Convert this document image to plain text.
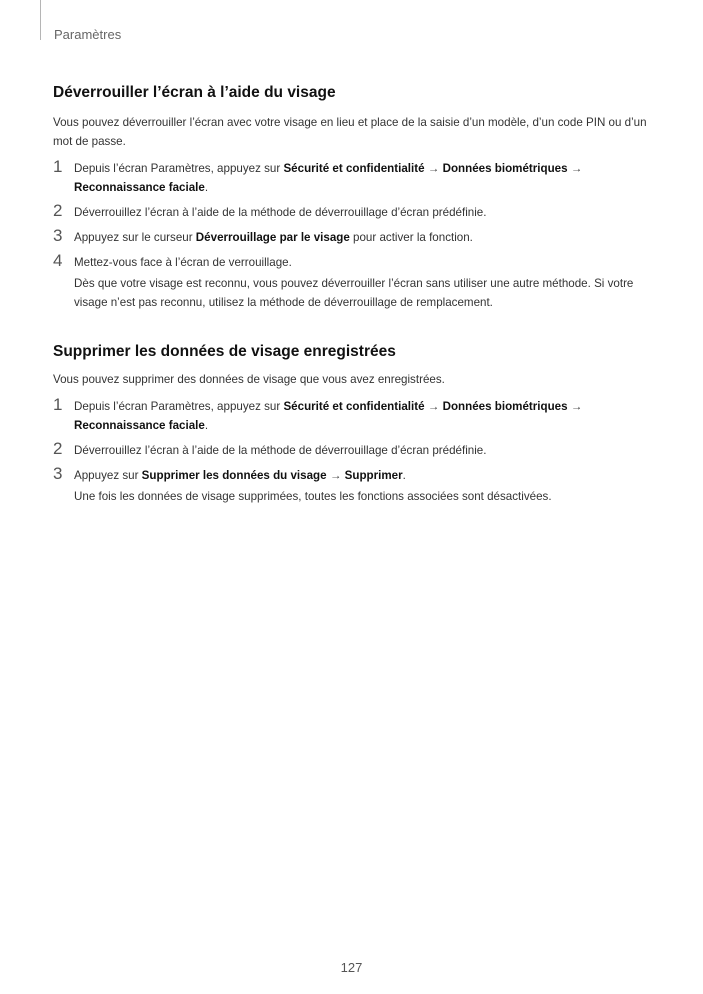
Paramètres
Déverrouiller l’écran à l’aide du visage

Vous pouvez déverrouiller l’écran avec votre visage en lieu et place de la saisie d’un modèle, d’un code PIN ou d’un mot de passe.

1 Depuis l’écran Paramètres, appuyez sur Sécurité et confidentialité → Données biométriques →
Reconnaissance faciale.
2 Déverrouillez l’écran à l’aide de la méthode de déverrouillage d’écran prédéfinie.
3 Appuyez sur le curseur Déverrouillage par le visage pour activer la fonction.
4 Mettez-vous face à l’écran de verrouillage.
Dès que votre visage est reconnu, vous pouvez déverrouiller l’écran sans utiliser une autre méthode. Si votre visage n’est pas reconnu, utilisez la méthode de déverrouillage de remplacement.
Supprimer les données de visage enregistrées

Vous pouvez supprimer des données de visage que vous avez enregistrées.

1 Depuis l’écran Paramètres, appuyez sur Sécurité et confidentialité → Données biométriques →
Reconnaissance faciale.
2 Déverrouillez l’écran à l’aide de la méthode de déverrouillage d’écran prédéfinie.
3 Appuyez sur Supprimer les données du visage → Supprimer.
Une fois les données de visage supprimées, toutes les fonctions associées sont désactivées.
127
